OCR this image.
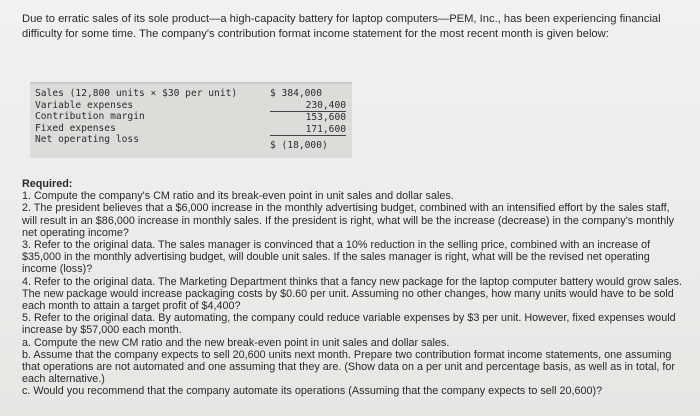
Due to erratic sales of its sole product—a high-capacity battery for laptop computers—PEM, Inc., has been experiencing financial difficulty for some time. The company's contribution format income statement for the most recent month is given below:
Sales (12,800 units × $30 per unit)
Variable expenses
Contribution margin
Fixed expenses
Net operating loss
$ 384,000
230,400
153,600
171,600
$ (18,000)
Required:
1. Compute the company's CM ratio and its break-even point in unit sales and dollar sales.
2. The president believes that a $6,000 increase in the monthly advertising budget, combined with an intensified effort by the sales staff, will result in an $86,000 increase in monthly sales. If the president is right, what will be the increase (decrease) in the company's monthly net operating income?
3. Refer to the original data. The sales manager is convinced that a 10% reduction in the selling price, combined with an increase of $35,000 in the monthly advertising budget, will double unit sales. If the sales manager is right, what will be the revised net operating income (loss)?
4. Refer to the original data. The Marketing Department thinks that a fancy new package for the laptop computer battery would grow sales. The new package would increase packaging costs by $0.60 per unit. Assuming no other changes, how many units would have to be sold each month to attain a target profit of $4,400?
5. Refer to the original data. By automating, the company could reduce variable expenses by $3 per unit. However, fixed expenses would increase by $57,000 each month.
a. Compute the new CM ratio and the new break-even point in unit sales and dollar sales.
b. Assume that the company expects to sell 20,600 units next month. Prepare two contribution format income statements, one assuming that operations are not automated and one assuming that they are. (Show data on a per unit and percentage basis, as well as in total, for each alternative.)
c. Would you recommend that the company automate its operations (Assuming that the company expects to sell 20,600)?
